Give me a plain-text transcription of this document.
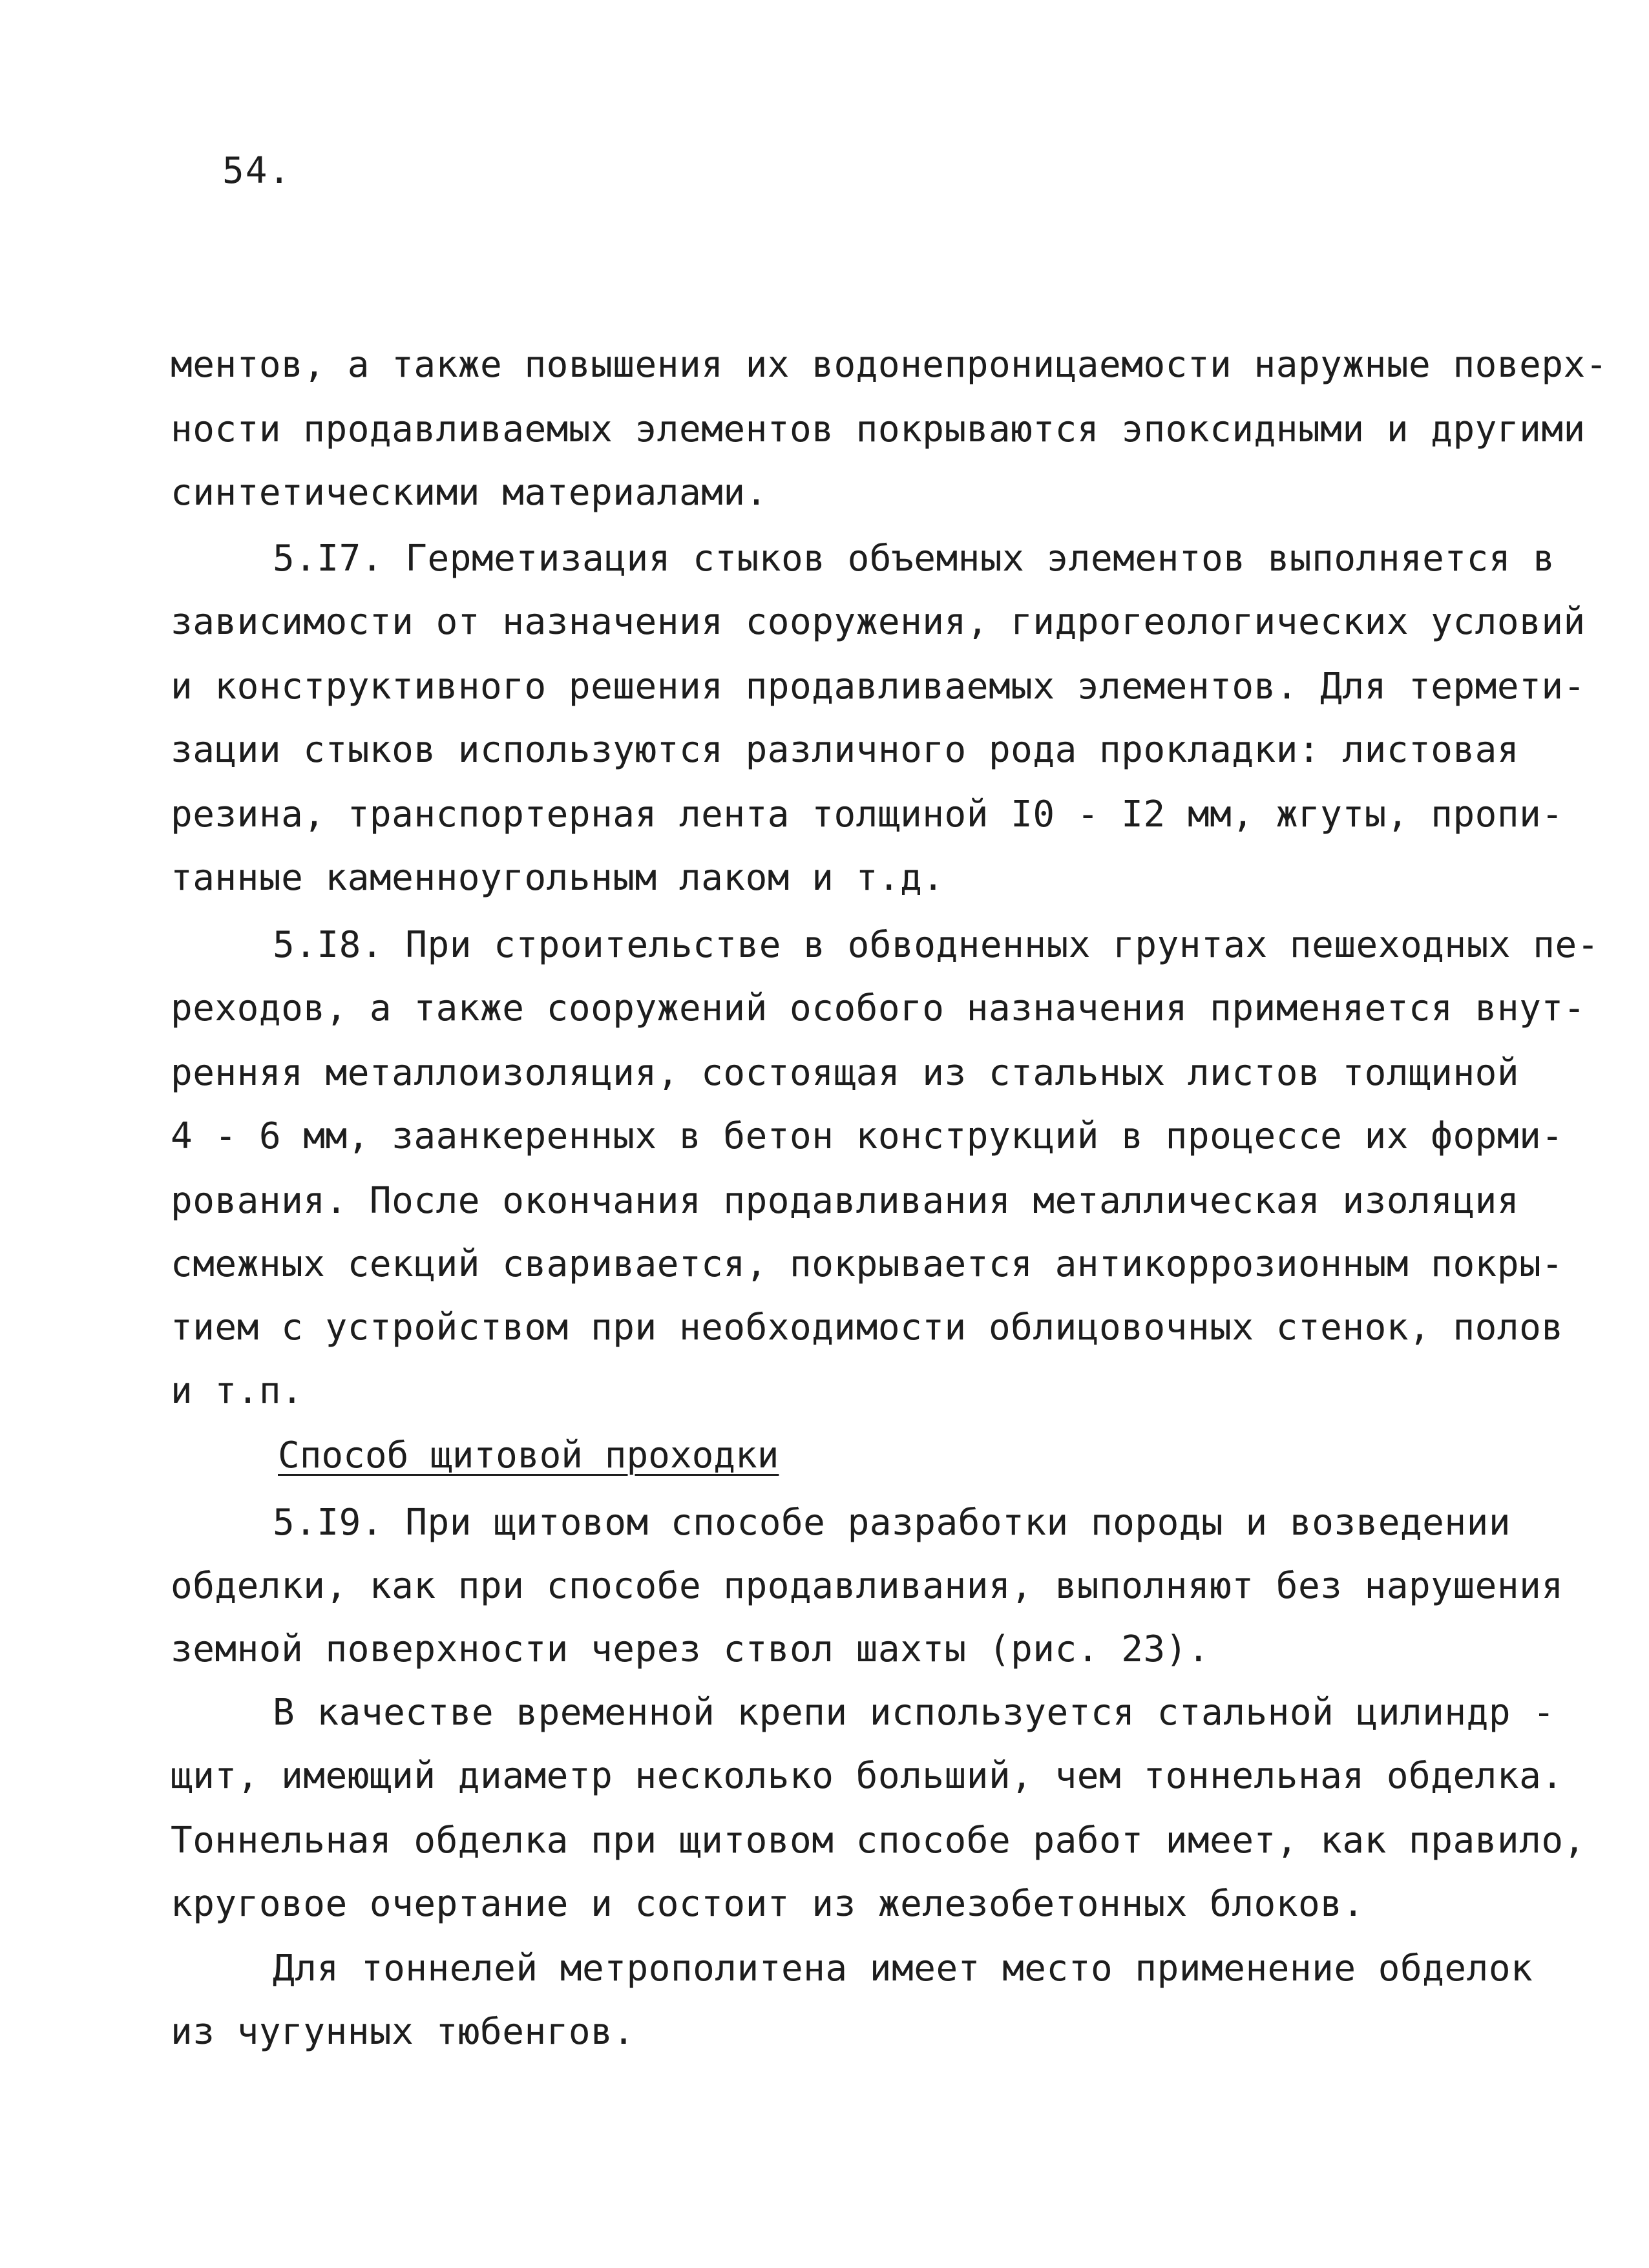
54.
ментов, а также повышения их водонепроницаемости наружные поверх-
ности продавливаемых элементов покрываются эпоксидными и другими
синтетическими материалами.
5.I7. Герметизация стыков объемных элементов выполняется в
зависимости от назначения сооружения, гидрогеологических условий
и конструктивного решения продавливаемых элементов. Для термети-
зации стыков используются различного рода прокладки: листовая
резина, транспортерная лента толщиной I0 - I2 мм, жгуты, пропи-
танные каменноугольным лаком и т.д.
5.I8. При строительстве в обводненных грунтах пешеходных пе-
реходов, а также сооружений особого назначения применяется внут-
ренняя металлоизоляция, состоящая из стальных листов толщиной
4 - 6 мм, заанкеренных в бетон конструкций в процессе их форми-
рования. После окончания продавливания металлическая изоляция
смежных секций сваривается, покрывается антикоррозионным покры-
тием с устройством при необходимости облицовочных стенок, полов
и т.п.
Способ щитовой проходки
5.I9. При щитовом способе разработки породы и возведении
обделки, как при способе продавливания, выполняют без нарушения
земной поверхности через ствол шахты (рис. 23).
В качестве временной крепи используется стальной цилиндр -
щит, имеющий диаметр несколько больший, чем тоннельная обделка.
Тоннельная обделка при щитовом способе работ имеет, как правило,
круговое очертание и состоит из железобетонных блоков.
Для тоннелей метрополитена имеет место применение обделок
из чугунных тюбенгов.
